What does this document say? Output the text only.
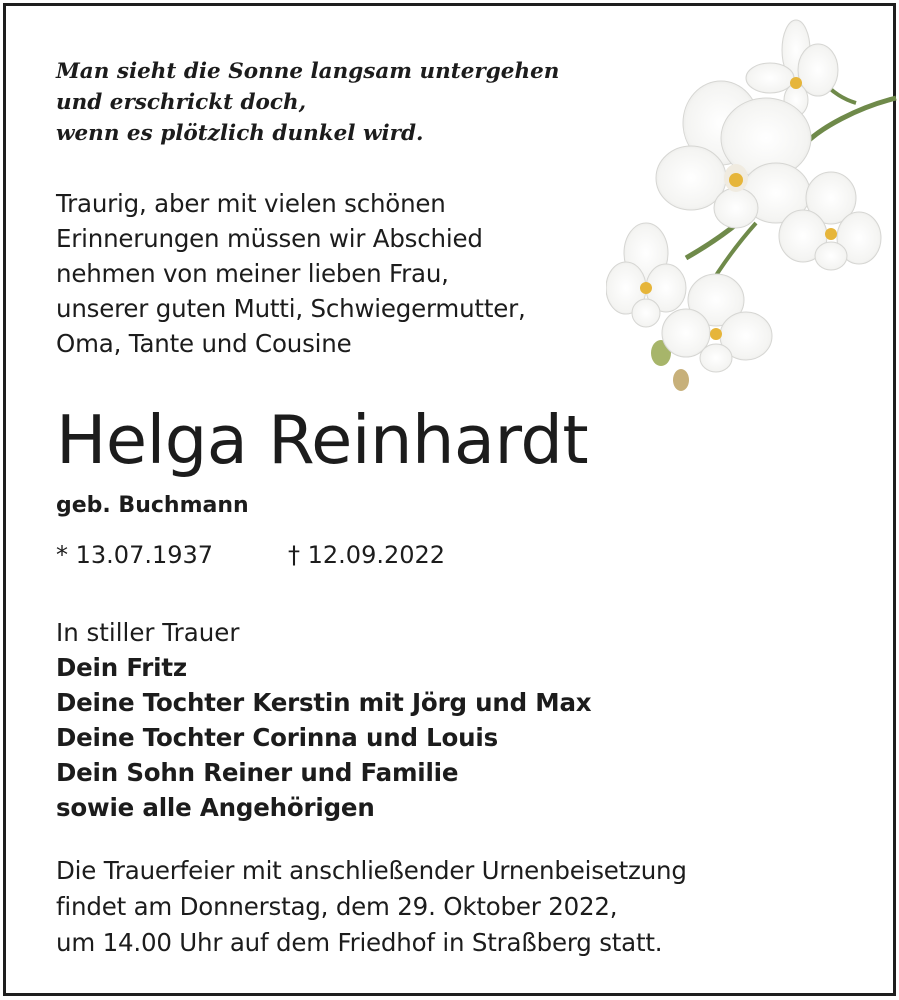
Man sieht die Sonne langsam untergehen
und erschrickt doch,
wenn es plötzlich dunkel wird.
Traurig, aber mit vielen schönen
Erinnerungen müssen wir Abschied
nehmen von meiner lieben Frau,
unserer guten Mutti, Schwiegermutter,
Oma, Tante und Cousine
Helga Reinhardt
geb. Buchmann
* 13.07.1937	† 12.09.2022
In stiller Trauer
Dein Fritz
Deine Tochter Kerstin mit Jörg und Max
Deine Tochter Corinna und Louis
Dein Sohn Reiner und Familie
sowie alle Angehörigen
Die Trauerfeier mit anschließender Urnenbeisetzung
findet am Donnerstag, dem 29. Oktober 2022,
um 14.00 Uhr auf dem Friedhof in Straßberg statt.
